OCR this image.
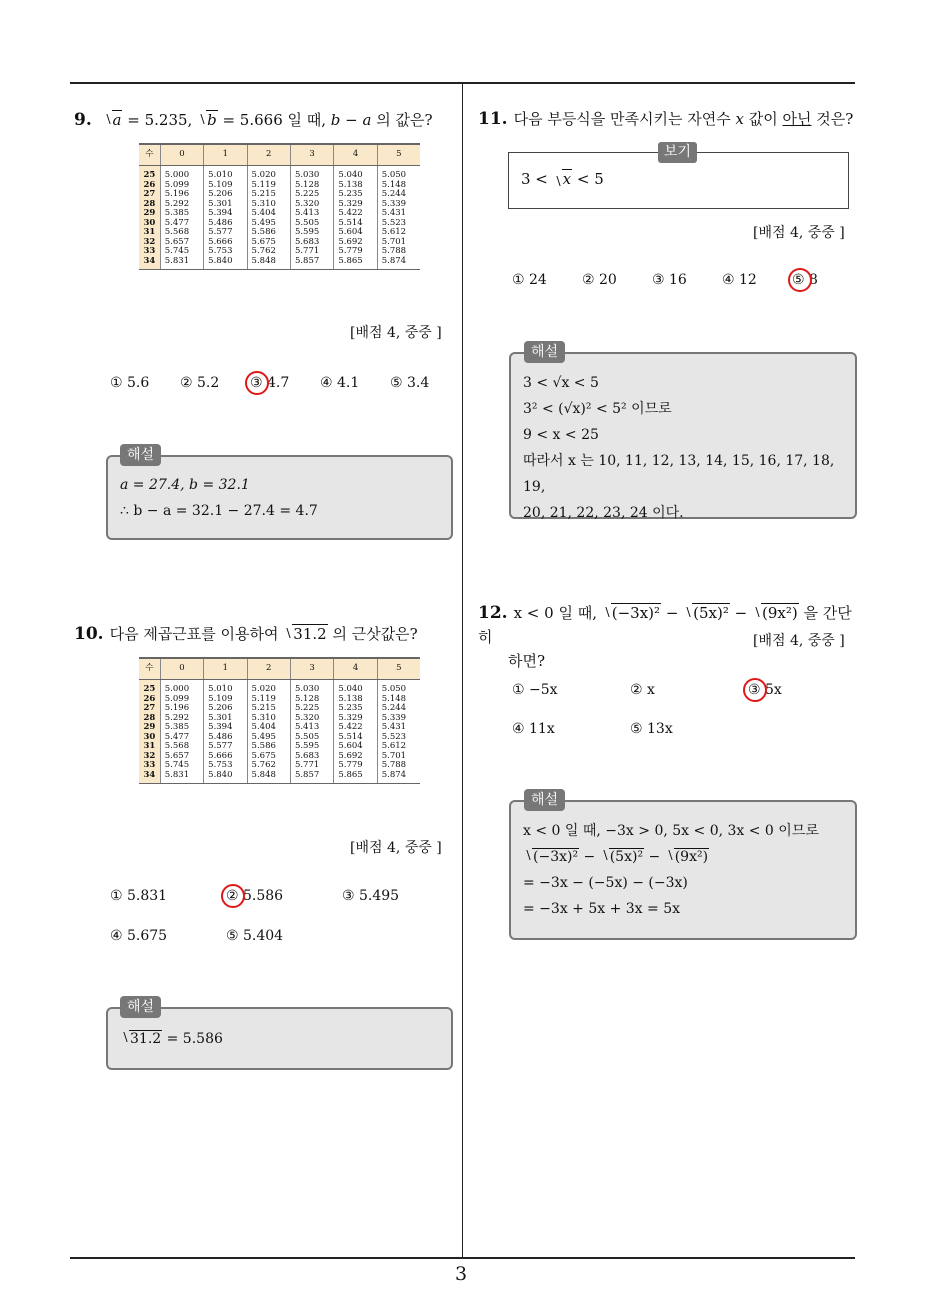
9. a = 5.235, b = 5.666 일 때, b − a 의 값은?
수	0	1	2	3	4	5
25	5.000	5.010	5.020	5.030	5.040	5.050
26	5.099	5.109	5.119	5.128	5.138	5.148
27	5.196	5.206	5.215	5.225	5.235	5.244
28	5.292	5.301	5.310	5.320	5.329	5.339
29	5.385	5.394	5.404	5.413	5.422	5.431
30	5.477	5.486	5.495	5.505	5.514	5.523
31	5.568	5.577	5.586	5.595	5.604	5.612
32	5.657	5.666	5.675	5.683	5.692	5.701
33	5.745	5.753	5.762	5.771	5.779	5.788
34	5.831	5.840	5.848	5.857	5.865	5.874
[배점 4, 중중 ]
① 5.6 ② 5.2 ③ 4.7 ④ 4.1 ⑤ 3.4
a = 27.4, b = 32.1
∴ b − a = 32.1 − 27.4 = 4.7
해설
10. 다음 제곱근표를 이용하여 31.2 의 근삿값은?
수	0	1	2	3	4	5
25	5.000	5.010	5.020	5.030	5.040	5.050
26	5.099	5.109	5.119	5.128	5.138	5.148
27	5.196	5.206	5.215	5.225	5.235	5.244
28	5.292	5.301	5.310	5.320	5.329	5.339
29	5.385	5.394	5.404	5.413	5.422	5.431
30	5.477	5.486	5.495	5.505	5.514	5.523
31	5.568	5.577	5.586	5.595	5.604	5.612
32	5.657	5.666	5.675	5.683	5.692	5.701
33	5.745	5.753	5.762	5.771	5.779	5.788
34	5.831	5.840	5.848	5.857	5.865	5.874
[배점 4, 중중 ]
① 5.831	② 5.586	③ 5.495
④ 5.675	⑤ 5.404
31.2 = 5.586
해설
11. 다음 부등식을 만족시키는 자연수 x 값이 아닌 것은?
3 < x < 5
보기
[배점 4, 중중 ]
① 24	② 20	③ 16	④ 12	⑤ 8
3 < √x < 5
3² < (√x)² < 5² 이므로
9 < x < 25
따라서 x 는 10, 11, 12, 13, 14, 15, 16, 17, 18, 19,
20, 21, 22, 23, 24 이다.
해설
12. x < 0 일 때, (−3x)² − (5x)² − (9x²) 을 간단히
하면?
[배점 4, 중중 ]
① −5x	② x	③ 5x
④ 11x	⑤ 13x
x < 0 일 때, −3x > 0, 5x < 0, 3x < 0 이므로
(−3x)² − (5x)² − (9x²)
= −3x − (−5x) − (−3x)
= −3x + 5x + 3x = 5x
해설
3
